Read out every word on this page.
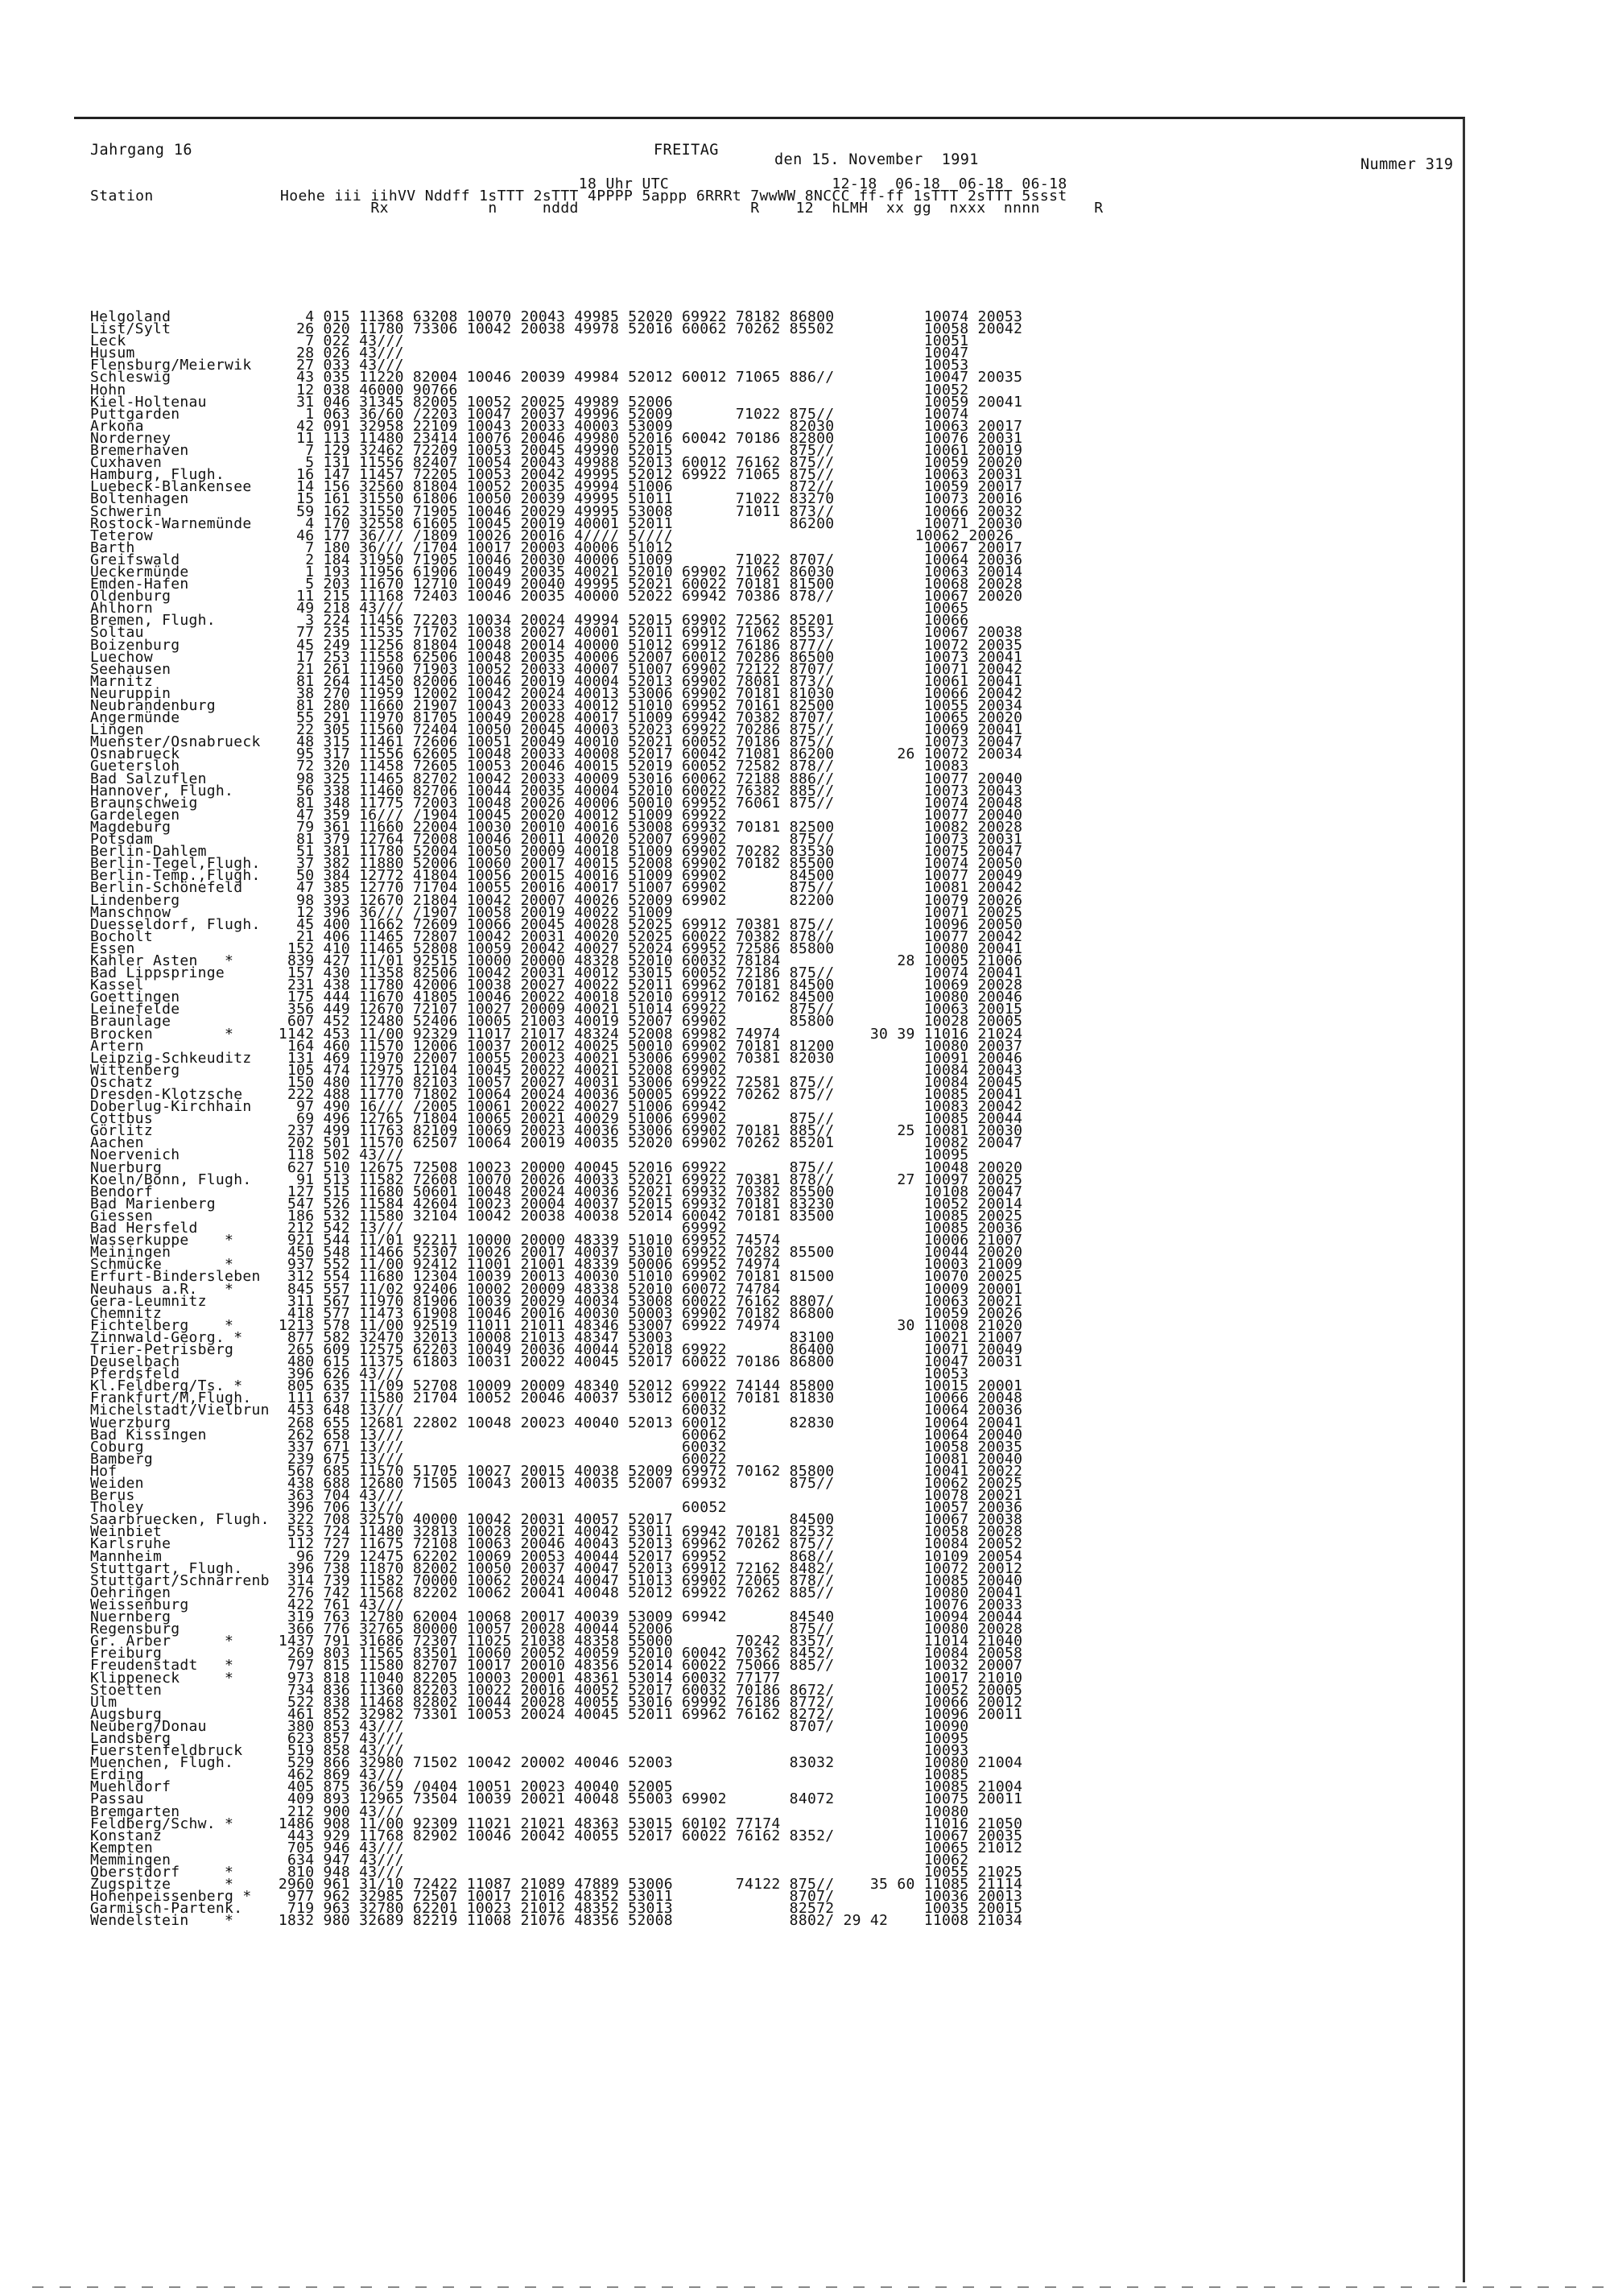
Jahrgang 16	FREITAG
den 15. November  1991	Nummer 319
18 Uhr UTC                  12-18  06-18  06-18  06-18
Station              Hoehe iii iihVV Nddff 1sTTT 2sTTT 4PPPP 5appp 6RRRt 7wwWW 8NCCC ff-ff 1sTTT 2sTTT 5ssst
Rx           n     nddd                   R    12  hLMH  xx gg  nxxx  nnnn      R
Helgoland               4 015 11368 63208 10070 20043 49985 52020 69922 78182 86800          10074 20053
List/Sylt              26 020 11780 73306 10042 20038 49978 52016 60062 70262 85502          10058 20042
Leck                    7 022 43///                                                          10051
Husum                  28 026 43///                                                          10047
Flensburg/Meierwik     27 033 43///                                                          10053
Schleswig              43 035 11220 82004 10046 20039 49984 52012 60012 71065 886//          10047 20035
Hohn                   12 038 46000 90766                                                    10052
Kiel-Holtenau          31 046 31345 82005 10052 20025 49989 52006                            10059 20041
Puttgarden              1 063 36/60 /2203 10047 20037 49996 52009       71022 875//          10074
Arkona                 42 091 32958 22109 10043 20033 40003 53009             82030          10063 20017
Norderney              11 113 11480 23414 10076 20046 49980 52016 60042 70186 82800          10076 20031
Bremerhaven             7 129 32462 72209 10053 20045 49990 52015             875//          10061 20019
Cuxhaven                5 131 11556 82407 10054 20043 49988 52013 60012 76162 875//          10059 20020
Hamburg, Flugh.        16 147 11457 72205 10053 20042 49995 52012 69922 71065 875//          10063 20031
Luebeck-Blankensee     14 156 32560 81804 10052 20035 49994 51006             872//          10059 20017
Boltenhagen            15 161 31550 61806 10050 20039 49995 51011       71022 83270          10073 20016
Schwerin               59 162 31550 71905 10046 20029 49995 53008       71011 873//          10066 20032
Rostock-Warnemünde      4 170 32558 61605 10045 20019 40001 52011             86200          10071 20030
Teterow                46 177 36/// /1809 10026 20016 4//// 5////                           10062 20026
Barth                   7 180 36/// /1704 10017 20003 40006 51012                            10067 20017
Greifswald              2 184 31950 71905 10046 20030 40006 51009       71022 8707/          10064 20036
Ueckermünde             1 193 11956 61906 10049 20035 40021 52010 69902 71062 86030          10063 20014
Emden-Hafen             5 203 11670 12710 10049 20040 49995 52021 60022 70181 81500          10068 20028
Oldenburg              11 215 11168 72403 10046 20035 40000 52022 69942 70386 878//          10067 20020
Ahlhorn                49 218 43///                                                          10065
Bremen, Flugh.          3 224 11456 72203 10034 20024 49994 52015 69902 72562 85201          10066
Soltau                 77 235 11535 71702 10038 20027 40001 52011 69912 71062 8553/          10067 20038
Boizenburg             45 249 11256 81804 10048 20014 40000 51012 69912 76186 877//          10072 20035
Luechow                17 253 11558 62506 10048 20035 40006 52007 60012 70286 86500          10073 20041
Seehausen              21 261 11960 71903 10052 20033 40007 51007 69902 72122 8707/          10071 20042
Marnitz                81 264 11450 82006 10046 20019 40004 52013 69902 78081 873//          10061 20041
Neuruppin              38 270 11959 12002 10042 20024 40013 53006 69902 70181 81030          10066 20042
Neubrandenburg         81 280 11660 21907 10043 20033 40012 51010 69952 70161 82500          10055 20034
Angermünde             55 291 11970 81705 10049 20028 40017 51009 69942 70382 8707/          10065 20020
Lingen                 22 305 11560 72404 10050 20045 40003 52023 69922 70286 875//          10069 20041
Muenster/Osnabrueck    48 315 11461 72606 10051 20049 40010 52021 60052 70186 875//          10073 20047
Osnabrueck             95 317 11556 62605 10048 20033 40008 52017 60042 71081 86200       26 10072 20034
Guetersloh             72 320 11458 72605 10053 20046 40015 52019 60052 72582 878//          10083
Bad Salzuflen          98 325 11465 82702 10042 20033 40009 53016 60062 72188 886//          10077 20040
Hannover, Flugh.       56 338 11460 82706 10044 20035 40004 52010 60022 76382 885//          10073 20043
Braunschweig           81 348 11775 72003 10048 20026 40006 50010 69952 76061 875//          10074 20048
Gardelegen             47 359 16/// /1904 10045 20020 40012 51009 69922                      10077 20040
Magdeburg              79 361 11660 22004 10030 20010 40016 53008 69932 70181 82500          10082 20028
Potsdam                81 379 12764 72008 10046 20011 40020 52007 69902       875//          10073 20031
Berlin-Dahlem          51 381 11780 52004 10050 20009 40018 51009 69902 70282 83530          10075 20047
Berlin-Tegel,Flugh.    37 382 11880 52006 10060 20017 40015 52008 69902 70182 85500          10074 20050
Berlin-Temp.,Flugh.    50 384 12772 41804 10056 20015 40016 51009 69902       84500          10077 20049
Berlin-Schönefeld      47 385 12770 71704 10055 20016 40017 51007 69902       875//          10081 20042
Lindenberg             98 393 12670 21804 10042 20007 40026 52009 69902       82200          10079 20026
Manschnow              12 396 36/// /1907 10058 20019 40022 51009                            10071 20025
Duesseldorf, Flugh.    45 400 11662 72609 10066 20045 40028 52025 69912 70381 875//          10096 20050
Bocholt                21 406 11465 72807 10042 20031 40020 52025 60022 70382 878//          10077 20042
Essen                 152 410 11465 52808 10059 20042 40027 52024 69952 72586 85800          10080 20041
Kahler Asten   *      839 427 11/01 92515 10000 20000 48328 52010 60032 78184             28 10005 21006
Bad Lippspringe       157 430 11358 82506 10042 20031 40012 53015 60052 72186 875//          10074 20041
Kassel                231 438 11780 42006 10038 20027 40022 52011 69962 70181 84500          10069 20028
Goettingen            175 444 11670 41805 10046 20022 40018 52010 69912 70162 84500          10080 20046
Leinefelde            356 449 12670 72107 10027 20009 40021 51014 69922       875//          10063 20015
Braunlage             607 452 12480 52406 10005 21003 40019 52007 69902       85800          10028 20005
Brocken        *     1142 453 11/00 92329 11017 21017 48324 52008 69982 74974          30 39 11016 21024
Artern                164 460 11570 12006 10037 20012 40025 50010 69902 70181 81200          10080 20037
Leipzig-Schkeuditz    131 469 11970 22007 10055 20023 40021 53006 69902 70381 82030          10091 20046
Wittenberg            105 474 12975 12104 10045 20022 40021 52008 69902                      10084 20043
Oschatz               150 480 11770 82103 10057 20027 40031 53006 69922 72581 875//          10084 20045
Dresden-Klotzsche     222 488 11770 71802 10064 20024 40036 50005 69922 70262 875//          10085 20041
Doberlug-Kirchhain     97 490 16/// /2005 10061 20022 40027 51006 69942                      10083 20042
Cottbus                69 496 12765 71804 10065 20021 40029 51006 69902       875//          10085 20044
Görlitz               237 499 11763 82109 10069 20023 40036 53006 69902 70181 885//       25 10081 20030
Aachen                202 501 11570 62507 10064 20019 40035 52020 69902 70262 85201          10082 20047
Noervenich            118 502 43///                                                          10095
Nuerburg              627 510 12675 72508 10023 20000 40045 52016 69922       875//          10048 20020
Koeln/Bonn, Flugh.     91 513 11582 72608 10070 20026 40033 52021 69922 70381 878//       27 10097 20025
Bendorf               127 515 11680 50601 10048 20024 40036 52021 69932 70382 85500          10108 20047
Bad Marienberg        547 526 11584 42604 10023 20004 40037 52015 69932 70181 83230          10052 20014
Giessen               186 532 11580 32104 10042 20038 40038 52014 60042 70181 83500          10085 20025
Bad Hersfeld          212 542 13///                               69992                      10085 20036
Wasserkuppe    *      921 544 11/01 92211 10000 20000 48339 51010 69952 74574                10006 21007
Meiningen             450 548 11466 52307 10026 20017 40037 53010 69922 70282 85500          10044 20020
Schmücke       *      937 552 11/00 92412 11001 21001 48339 50006 69952 74974                10003 21009
Erfurt-Bindersleben   312 554 11680 12304 10039 20013 40030 51010 69902 70181 81500          10070 20025
Neuhaus a.R.   *      845 557 11/02 92406 10002 20009 48338 52010 60072 74784                10009 20001
Gera-Leumnitz         311 567 11970 81906 10039 20029 40034 53008 60022 76162 8807/          10063 20021
Chemnitz              418 577 11473 61908 10046 20016 40030 50003 69902 70182 86800          10059 20026
Fichtelberg    *     1213 578 11/00 92519 11011 21011 48346 53007 69922 74974             30 11008 21020
Zinnwald-Georg. *     877 582 32470 32013 10008 21013 48347 53003             83100          10021 21007
Trier-Petrisberg      265 609 12575 62203 10049 20036 40044 52018 69922       86400          10071 20049
Deuselbach            480 615 11375 61803 10031 20022 40045 52017 60022 70186 86800          10047 20031
Pferdsfeld            396 626 43///                                                          10053
Kl.Feldberg/Ts. *     805 635 11/09 52708 10009 20009 48340 52012 69922 74144 85800          10015 20001
Frankfurt/M,Flugh.    111 637 11580 21704 10052 20046 40037 53012 60012 70181 81830          10066 20048
Michelstadt/Vielbrun  453 648 13///                               60032                      10064 20036
Wuerzburg             268 655 12681 22802 10048 20023 40040 52013 60012       82830          10064 20041
Bad Kissingen         262 658 13///                               60062                      10064 20040
Coburg                337 671 13///                               60032                      10058 20035
Bamberg               239 675 13///                               60022                      10081 20040
Hof                   567 685 11570 51705 10027 20015 40038 52009 69972 70162 85800          10041 20022
Weiden                438 688 12680 71505 10043 20013 40035 52007 69932       875//          10062 20025
Berus                 363 704 43///                                                          10078 20021
Tholey                396 706 13///                               60052                      10057 20036
Saarbruecken, Flugh.  322 708 32570 40000 10042 20031 40057 52017             84500          10067 20038
Weinbiet              553 724 11480 32813 10028 20021 40042 53011 69942 70181 82532          10058 20028
Karlsruhe             112 727 11675 72108 10063 20046 40043 52013 69962 70262 875//          10084 20052
Mannheim               96 729 12475 62202 10069 20053 40044 52017 69952       868//          10109 20054
Stuttgart, Flugh.     396 738 11870 82002 10050 20037 40047 52013 69912 72162 8482/          10072 20012
Stuttgart/Schnarrenb  314 739 11582 70000 10062 20024 40047 51013 69902 72065 878//          10085 20040
Oehringen             276 742 11568 82202 10062 20041 40048 52012 69922 70262 885//          10080 20041
Weissenburg           422 761 43///                                                          10076 20033
Nuernberg             319 763 12780 62004 10068 20017 40039 53009 69942       84540          10094 20044
Regensburg            366 776 32765 80000 10057 20028 40044 52006             875//          10080 20028
Gr. Arber      *     1437 791 31686 72307 11025 21038 48358 55000       70242 8357/          11014 21040
Freiburg              269 803 11565 83501 10060 20052 40059 52010 60042 70362 8452/          10084 20058
Freudenstadt   *      797 815 11580 82707 10017 20010 48356 52014 60022 75066 885//          10032 20007
Klippeneck     *      973 818 11040 82205 10003 20001 48361 53014 60032 77177                10017 21010
Stoetten              734 836 11360 82203 10022 20016 40052 52017 60032 70186 8672/          10052 20005
Ulm                   522 838 11468 82802 10044 20028 40055 53016 69992 76186 8772/          10066 20012
Augsburg              461 852 32982 73301 10053 20024 40045 52011 69962 76162 8272/          10096 20011
Neuberg/Donau         380 853 43///                                           8707/          10090
Landsberg             623 857 43///                                                          10095
Fuerstenfeldbruck     519 858 43///                                                          10093
Muenchen, Flugh.      529 866 32980 71502 10042 20002 40046 52003             83032          10080 21004
Erding                462 869 43///                                                          10085
Muehldorf             405 875 36/59 /0404 10051 20023 40040 52005                            10085 21004
Passau                409 893 12965 73504 10039 20021 40048 55003 69902       84072          10075 20011
Bremgarten            212 900 43///                                                          10080
Feldberg/Schw. *     1486 908 11/00 92309 11021 21021 48363 53015 60102 77174                11016 21050
Konstanz              443 929 11768 82902 10046 20042 40055 52017 60022 76162 8352/          10067 20035
Kempten               705 946 43///                                                          10065 21012
Memmingen             634 947 43///                                                          10062
Oberstdorf     *      810 948 43///                                                          10055 21025
Zugspitze      *     2960 961 31/10 72422 11087 21089 47889 53006       74122 875//    35 60 11085 21114
Hohenpeissenberg *    977 962 32985 72507 10017 21016 48352 53011             8707/          10036 20013
Garmisch-Partenk.     719 963 32780 62201 10023 21012 48352 53013             82572          10035 20015
Wendelstein    *     1832 980 32689 82219 11008 21076 48356 52008             8802/ 29 42    11008 21034
